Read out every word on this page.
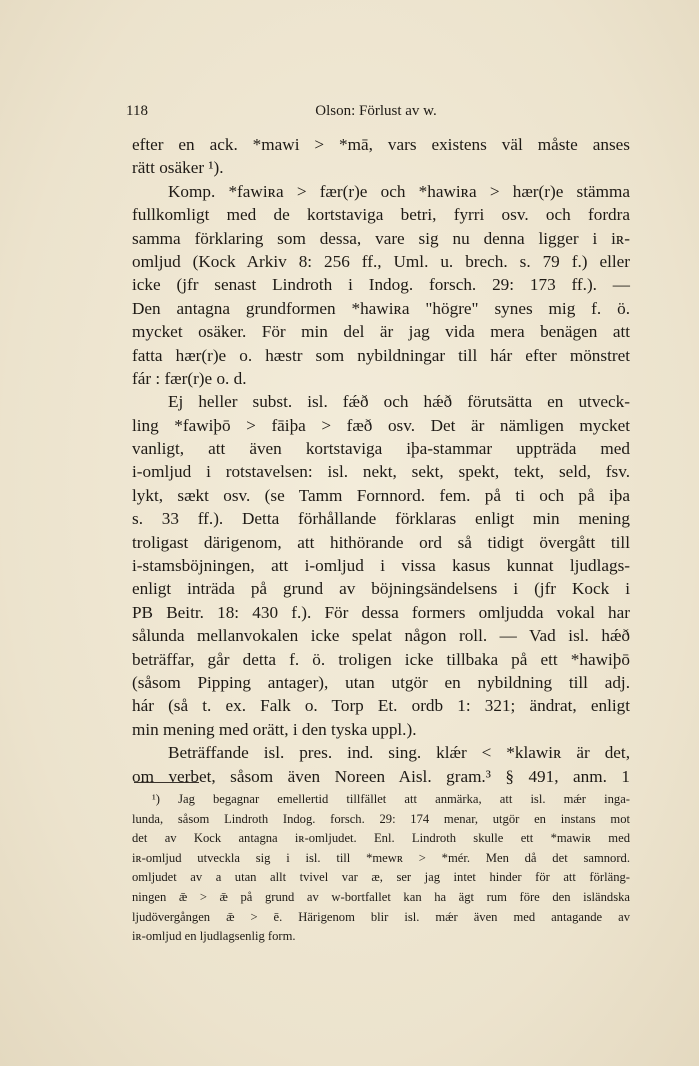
118	Olson: Förlust av w.
efter en ack. *mawi > *mā, vars existens väl måste anses
rätt osäker ¹).
Komp. *fawiʀa > fær(r)e och *hawiʀa > hær(r)e stämma
fullkomligt med de kortstaviga betri, fyrri osv. och fordra
samma förklaring som dessa, vare sig nu denna ligger i iʀ-
omljud (Kock Arkiv 8: 256 ff., Uml. u. brech. s. 79 f.) eller
icke (jfr senast Lindroth i Indog. forsch. 29: 173 ff.). —
Den antagna grundformen *hawiʀa "högre" synes mig f. ö.
mycket osäker. För min del är jag vida mera benägen att
fatta hær(r)e o. hæstr som nybildningar till hár efter mönstret
fár : fær(r)e o. d.
Ej heller subst. isl. fǽð och hǽð förutsätta en utveck-
ling *fawiþō > fāiþa > fæð osv. Det är nämligen mycket
vanligt, att även kortstaviga iþa-stammar uppträda med
i-omljud i rotstavelsen: isl. nekt, sekt, spekt, tekt, seld, fsv.
lykt, sækt osv. (se Tamm Fornnord. fem. på ti och på iþa
s. 33 ff.). Detta förhållande förklaras enligt min mening
troligast därigenom, att hithörande ord så tidigt övergått till
i-stamsböjningen, att i-omljud i vissa kasus kunnat ljudlags-
enligt inträda på grund av böjningsändelsens i (jfr Kock i
PB Beitr. 18: 430 f.). För dessa formers omljudda vokal har
sålunda mellanvokalen icke spelat någon roll. — Vad isl. hǽð
beträffar, går detta f. ö. troligen icke tillbaka på ett *hawiþō
(såsom Pipping antager), utan utgör en nybildning till adj.
hár (så t. ex. Falk o. Torp Et. ordb 1: 321; ändrat, enligt
min mening med orätt, i den tyska uppl.).
Beträffande isl. pres. ind. sing. klǽr < *klawiʀ är det,
om verbet, såsom även Noreen Aisl. gram.³ § 491, anm. 1
¹) Jag begagnar emellertid tillfället att anmärka, att isl. mǽr inga-
lunda, såsom Lindroth Indog. forsch. 29: 174 menar, utgör en instans mot
det av Kock antagna iʀ-omljudet. Enl. Lindroth skulle ett *mawiʀ med
iʀ-omljud utveckla sig i isl. till *mewʀ > *mér. Men då det samnord.
omljudet av a utan allt tvivel var æ, ser jag intet hinder för att förläng-
ningen ǣ > ǣ på grund av w-bortfallet kan ha ägt rum före den isländska
ljudövergången ǣ > ē. Härigenom blir isl. mǽr även med antagande av
iʀ-omljud en ljudlagsenlig form.
